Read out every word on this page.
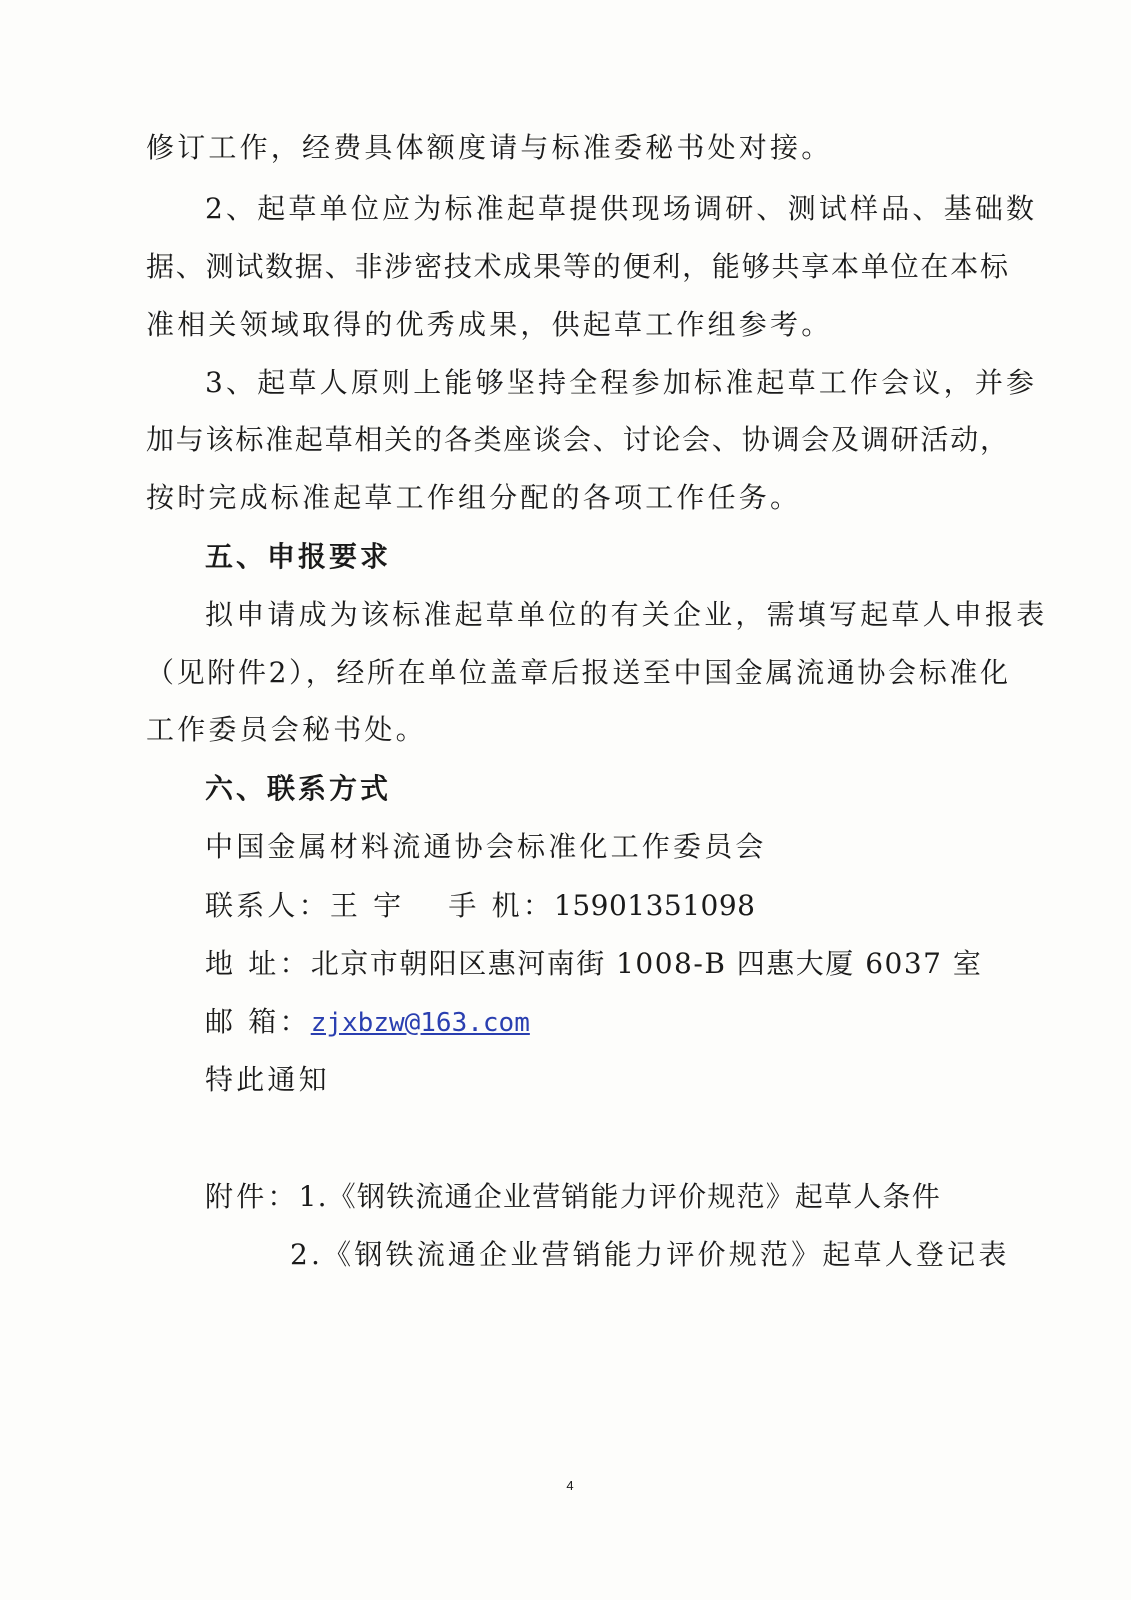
修订工作，经费具体额度请与标准委秘书处对接。
2、起草单位应为标准起草提供现场调研、测试样品、基础数
据、测试数据、非涉密技术成果等的便利，能够共享本单位在本标
准相关领域取得的优秀成果，供起草工作组参考。
3、起草人原则上能够坚持全程参加标准起草工作会议，并参
加与该标准起草相关的各类座谈会、讨论会、协调会及调研活动，
按时完成标准起草工作组分配的各项工作任务。
五、申报要求
拟申请成为该标准起草单位的有关企业，需填写起草人申报表
（见附件2），经所在单位盖章后报送至中国金属流通协会标准化
工作委员会秘书处。
六、联系方式
中国金属材料流通协会标准化工作委员会
联系人：王 宇 手 机：15901351098
地 址：北京市朝阳区惠河南街 1008-B 四惠大厦 6037 室
邮 箱：zjxbzw@163.com
特此通知
附件：1.《钢铁流通企业营销能力评价规范》起草人条件
2.《钢铁流通企业营销能力评价规范》起草人登记表
4
